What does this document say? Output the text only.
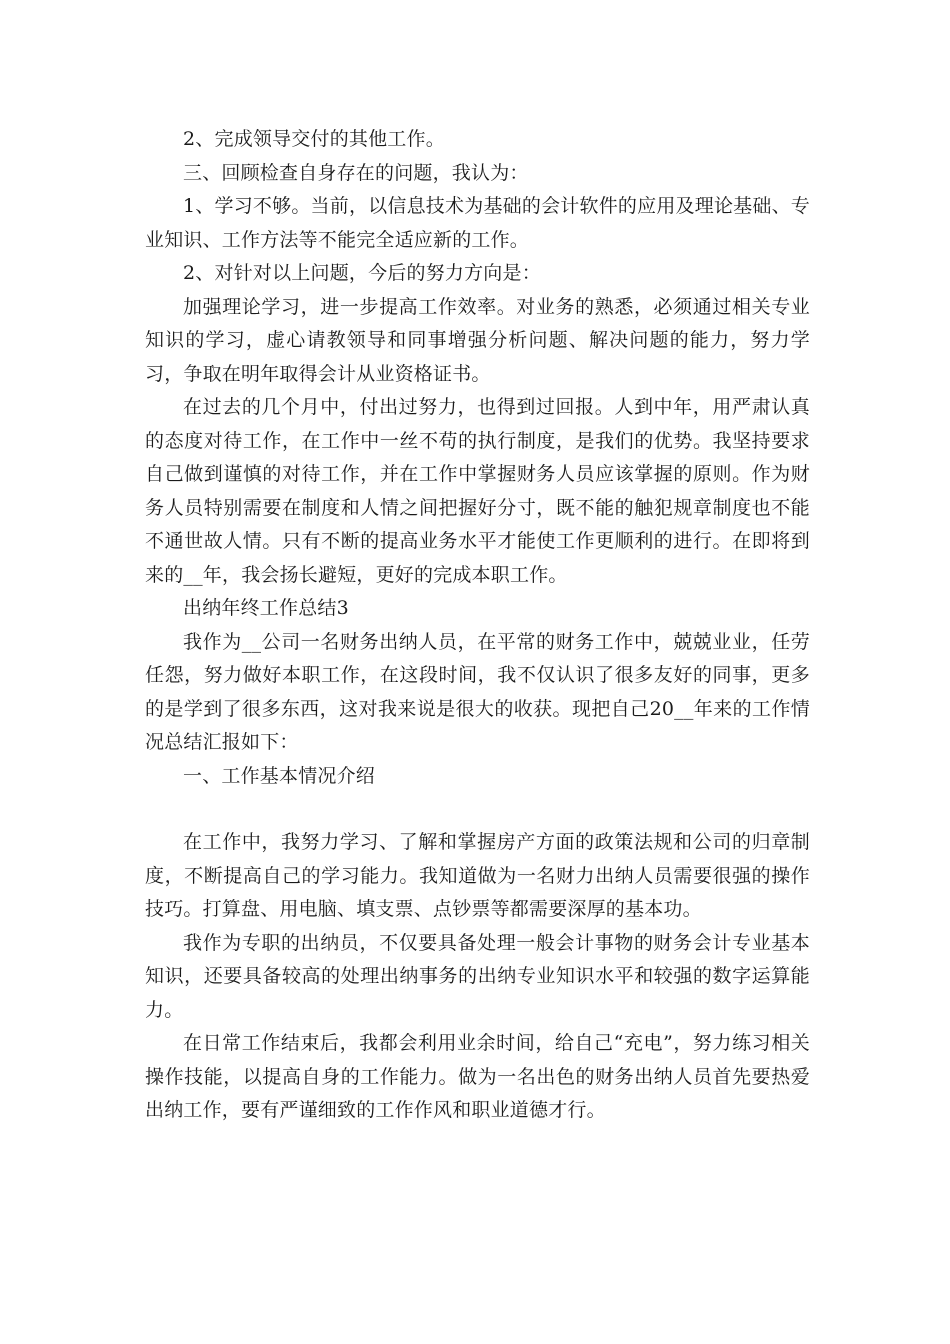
2、完成领导交付的其他工作。

三、回顾检查自身存在的问题，我认为：

1、学习不够。当前，以信息技术为基础的会计软件的应用及理论基础、专业知识、工作方法等不能完全适应新的工作。

2、对针对以上问题，今后的努力方向是：

加强理论学习，进一步提高工作效率。对业务的熟悉，必须通过相关专业知识的学习，虚心请教领导和同事增强分析问题、解决问题的能力，努力学习，争取在明年取得会计从业资格证书。

在过去的几个月中，付出过努力，也得到过回报。人到中年，用严肃认真的态度对待工作，在工作中一丝不苟的执行制度，是我们的优势。我坚持要求自己做到谨慎的对待工作，并在工作中掌握财务人员应该掌握的原则。作为财务人员特别需要在制度和人情之间把握好分寸，既不能的触犯规章制度也不能不通世故人情。只有不断的提高业务水平才能使工作更顺利的进行。在即将到来的__年，我会扬长避短，更好的完成本职工作。

出纳年终工作总结3

我作为__公司一名财务出纳人员，在平常的财务工作中，兢兢业业，任劳任怨，努力做好本职工作，在这段时间，我不仅认识了很多友好的同事，更多的是学到了很多东西，这对我来说是很大的收获。现把自己20__年来的工作情况总结汇报如下：

一、工作基本情况介绍

在工作中，我努力学习、了解和掌握房产方面的政策法规和公司的归章制度，不断提高自己的学习能力。我知道做为一名财力出纳人员需要很强的操作技巧。打算盘、用电脑、填支票、点钞票等都需要深厚的基本功。

我作为专职的出纳员，不仅要具备处理一般会计事物的财务会计专业基本知识，还要具备较高的处理出纳事务的出纳专业知识水平和较强的数字运算能力。

在日常工作结束后，我都会利用业余时间，给自己“充电”，努力练习相关操作技能，以提高自身的工作能力。做为一名出色的财务出纳人员首先要热爱出纳工作，要有严谨细致的工作作风和职业道德才行。
